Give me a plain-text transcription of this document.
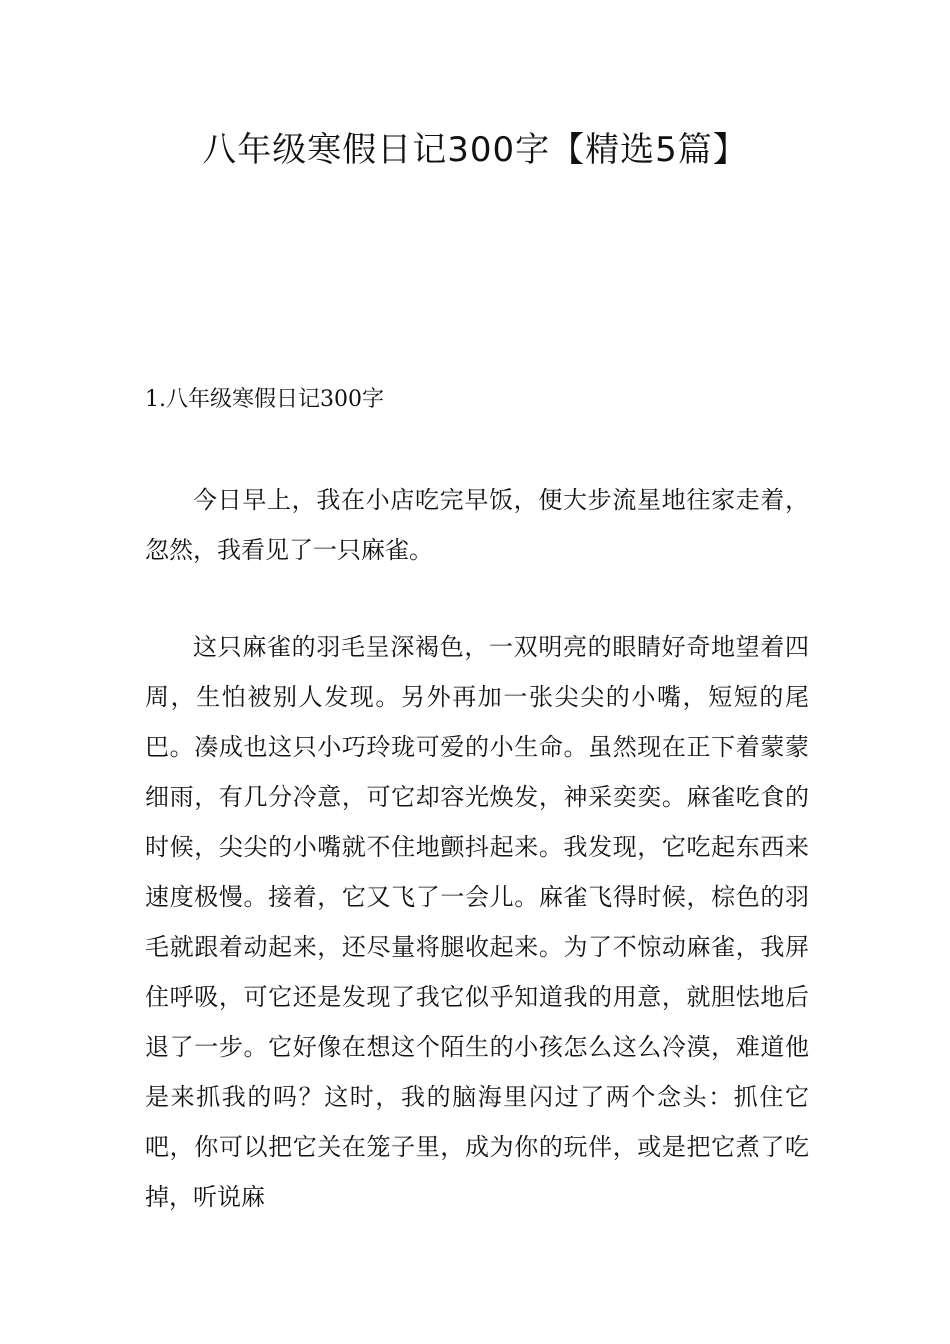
八年级寒假日记300字【精选5篇】
1.八年级寒假日记300字

今日早上，我在小店吃完早饭，便大步流星地往家走着，忽然，我看见了一只麻雀。

这只麻雀的羽毛呈深褐色，一双明亮的眼睛好奇地望着四周，生怕被别人发现。另外再加一张尖尖的小嘴，短短的尾巴。凑成也这只小巧玲珑可爱的小生命。虽然现在正下着蒙蒙细雨，有几分冷意，可它却容光焕发，神采奕奕。麻雀吃食的时候，尖尖的小嘴就不住地颤抖起来。我发现，它吃起东西来速度极慢。接着，它又飞了一会儿。麻雀飞得时候，棕色的羽毛就跟着动起来，还尽量将腿收起来。为了不惊动麻雀，我屏住呼吸，可它还是发现了我它似乎知道我的用意，就胆怯地后退了一步。它好像在想这个陌生的小孩怎么这么冷漠，难道他是来抓我的吗？这时，我的脑海里闪过了两个念头：抓住它吧，你可以把它关在笼子里，成为你的玩伴，或是把它煮了吃掉，听说麻
